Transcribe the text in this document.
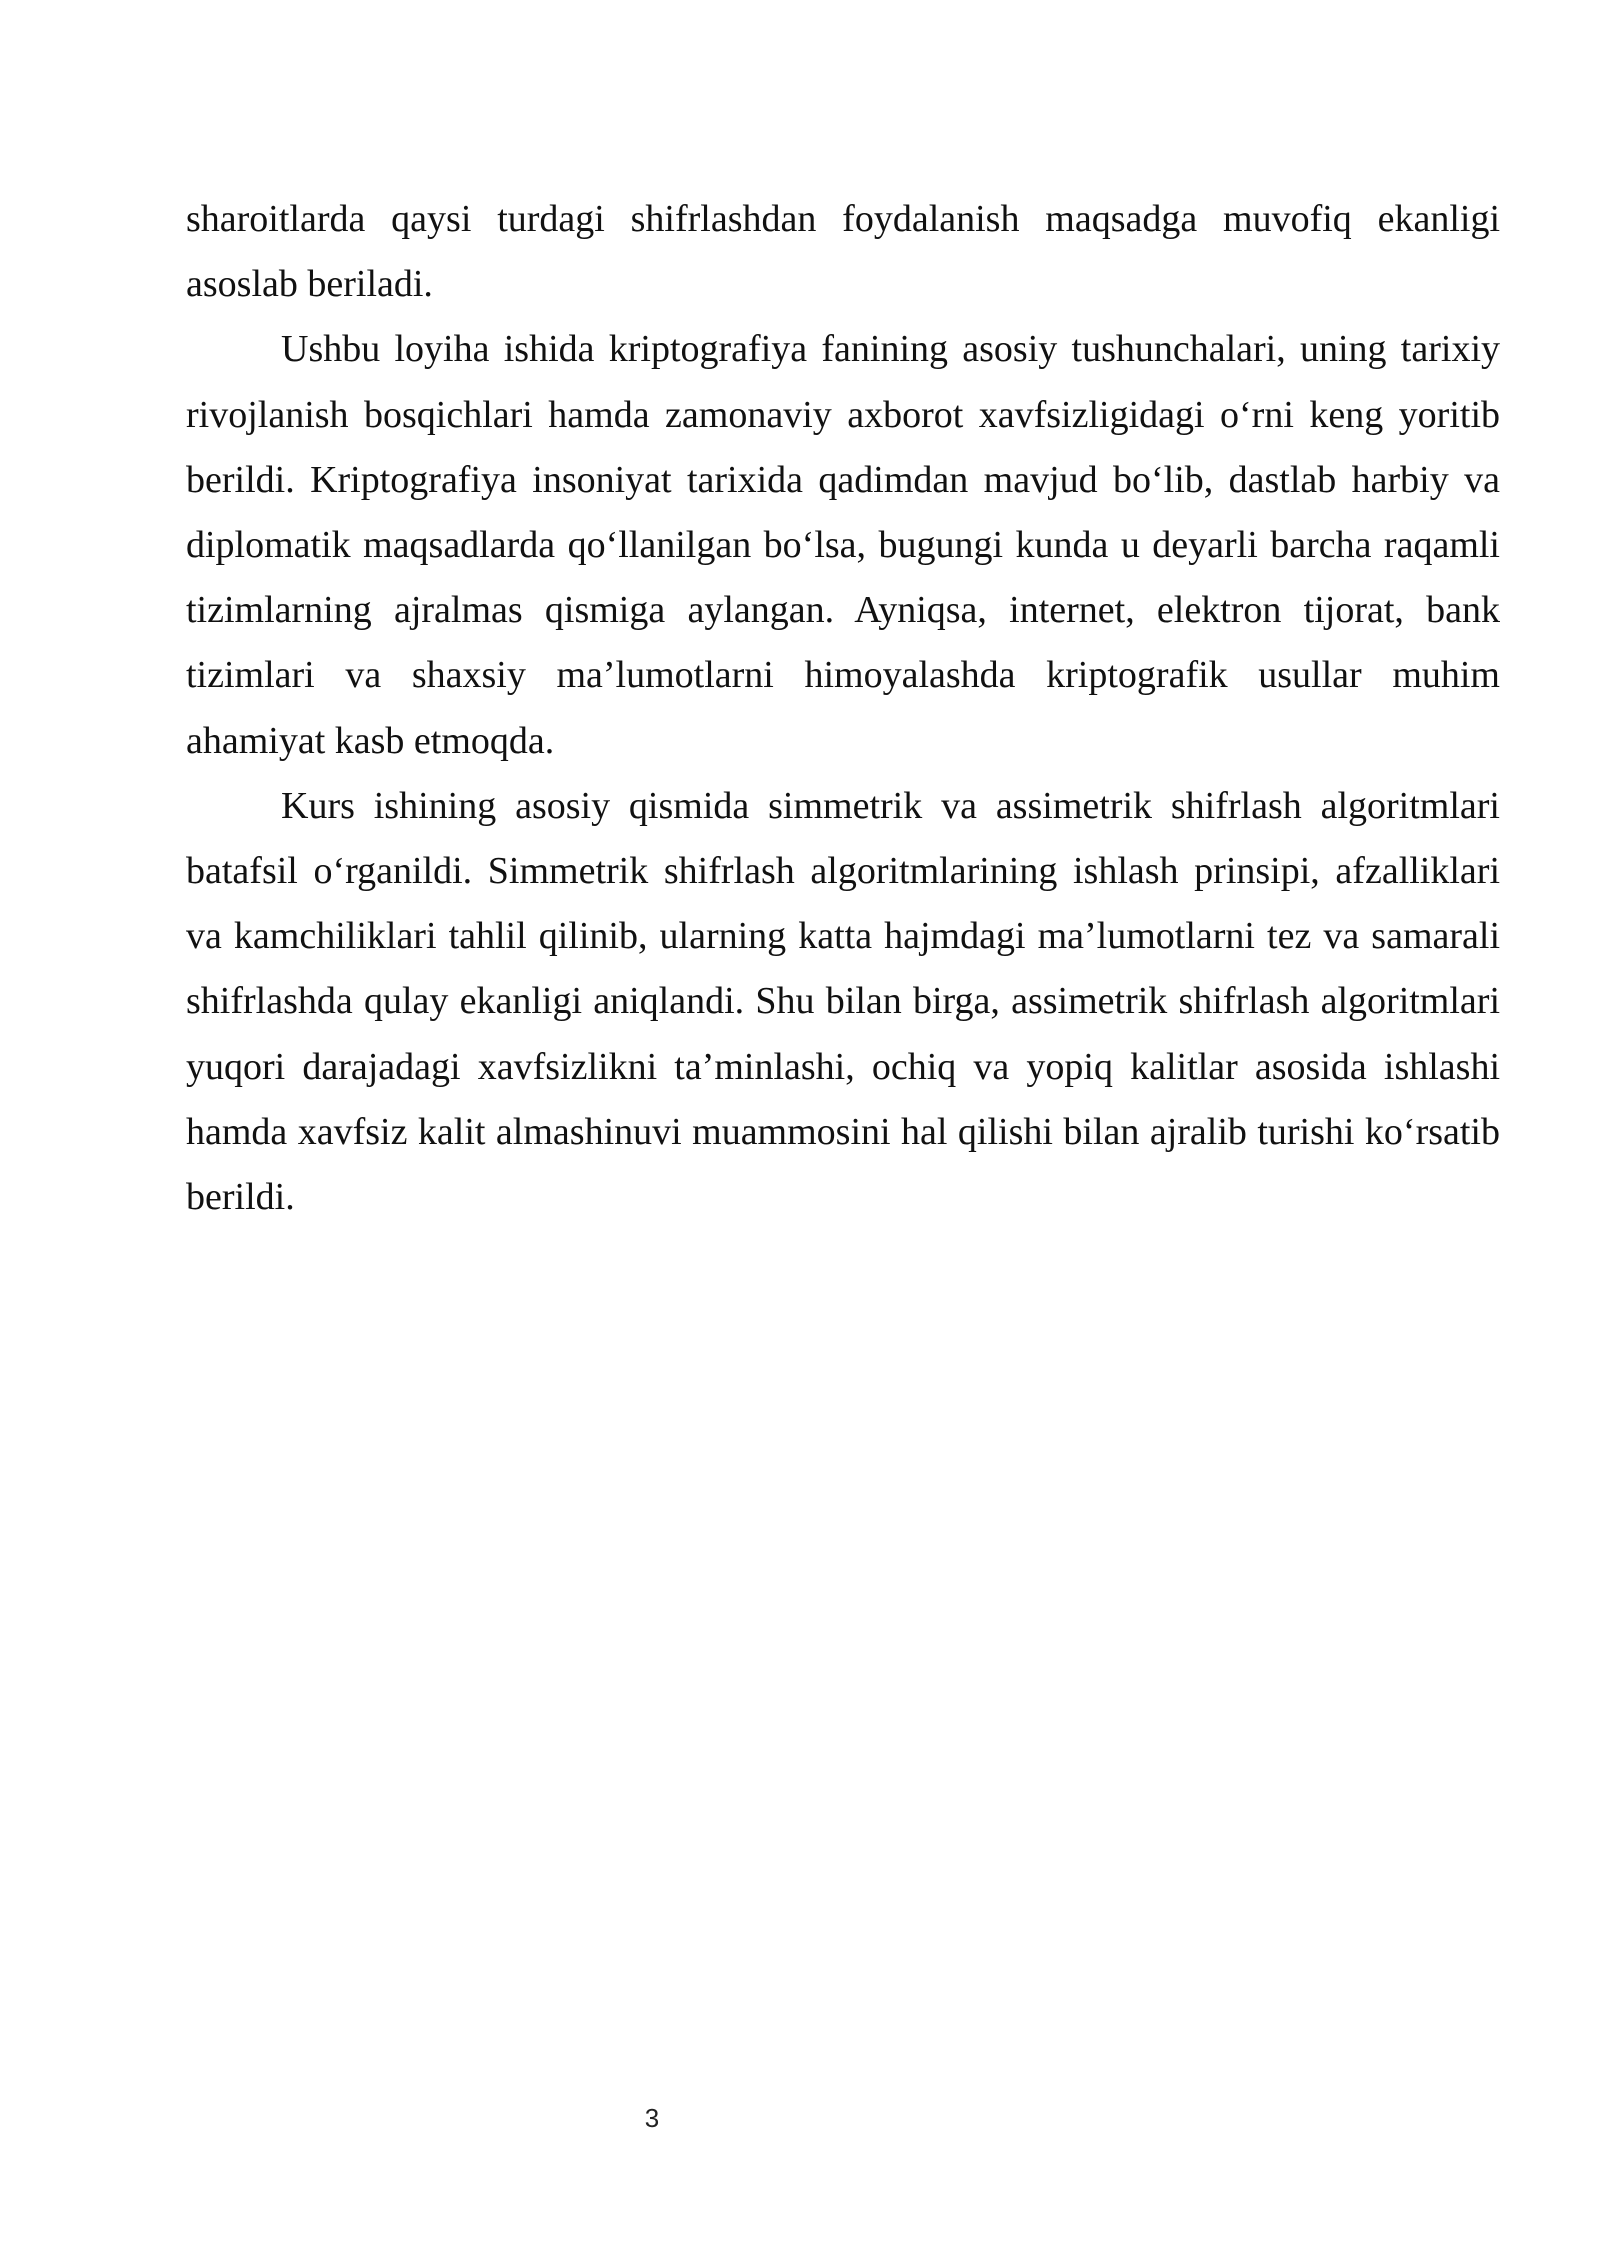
sharoitlarda qaysi turdagi shifrlashdan foydalanish maqsadga muvofiq ekanligi asoslab beriladi.

Ushbu loyiha ishida kriptografiya fanining asosiy tushunchalari, uning tarixiy rivojlanish bosqichlari hamda zamonaviy axborot xavfsizligidagi o‘rni keng yoritib berildi. Kriptografiya insoniyat tarixida qadimdan mavjud bo‘lib, dastlab harbiy va diplomatik maqsadlarda qo‘llanilgan bo‘lsa, bugungi kunda u deyarli barcha raqamli tizimlarning ajralmas qismiga aylangan. Ayniqsa, internet, elektron tijorat, bank tizimlari va shaxsiy ma’lumotlarni himoyalashda kriptografik usullar muhim ahamiyat kasb etmoqda.

Kurs ishining asosiy qismida simmetrik va assimetrik shifrlash algoritmlari batafsil o‘rganildi. Simmetrik shifrlash algoritmlarining ishlash prinsipi, afzalliklari va kamchiliklari tahlil qilinib, ularning katta hajmdagi ma’lumotlarni tez va samarali shifrlashda qulay ekanligi aniqlandi. Shu bilan birga, assimetrik shifrlash algoritmlari yuqori darajadagi xavfsizlikni ta’minlashi, ochiq va yopiq kalitlar asosida ishlashi hamda xavfsiz kalit almashinuvi muammosini hal qilishi bilan ajralib turishi ko‘rsatib berildi.

3
